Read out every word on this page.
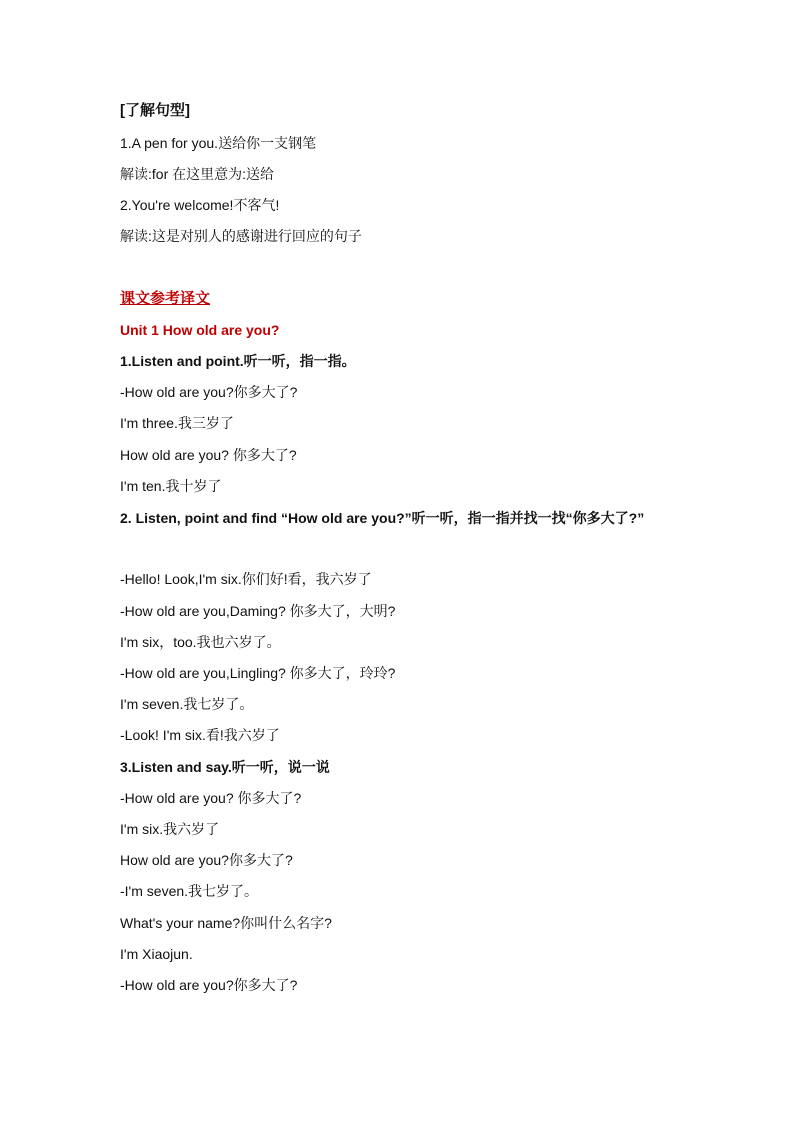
[了解句型]
1.A pen for you.送给你一支钢笔
解读:for 在这里意为:送给
2.You're welcome!不客气!
解读:这是对别人的感谢进行回应的句子
课文参考译文
Unit 1 How old are you?
1.Listen and point.听一听，指一指。
-How old are you?你多大了?
I'm three.我三岁了
How old are you? 你多大了?
I'm ten.我十岁了
2. Listen, point and find “How old are you?”听一听，指一指并找一找“你多大了?”
-Hello! Look,I'm six.你们好!看，我六岁了
-How old are you,Daming? 你多大了，大明?
I'm six，too.我也六岁了。
-How old are you,Lingling? 你多大了，玲玲?
I'm seven.我七岁了。
-Look! I'm six.看!我六岁了
3.Listen and say.听一听，说一说
-How old are you? 你多大了?
I'm six.我六岁了
How old are you?你多大了?
-I'm seven.我七岁了。
What's your name?你叫什么名字?
I'm Xiaojun.
-How old are you?你多大了?
